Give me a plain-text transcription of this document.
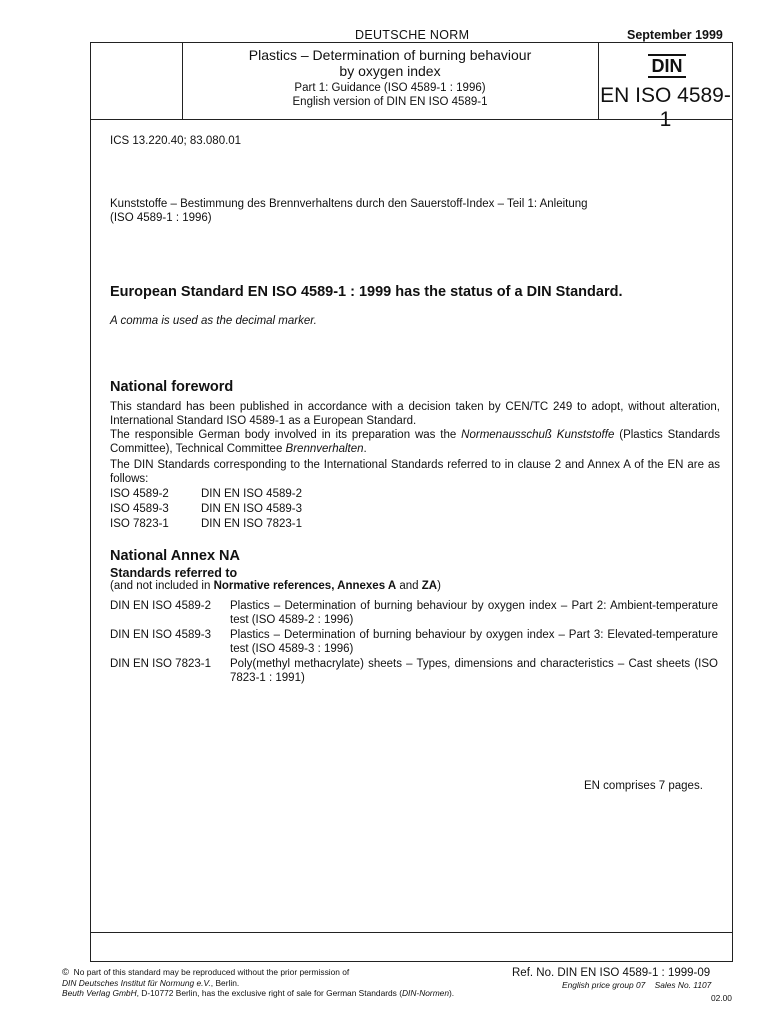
DEUTSCHE NORM	September 1999
Plastics – Determination of burning behaviour
by oxygen index
Part 1: Guidance (ISO 4589-1 : 1996)
English version of DIN EN ISO 4589-1
DIN
EN ISO 4589-1
ICS 13.220.40; 83.080.01
Kunststoffe – Bestimmung des Brennverhaltens durch den Sauerstoff-Index – Teil 1: Anleitung
(ISO 4589-1 : 1996)
European Standard EN ISO 4589-1 : 1999 has the status of a DIN Standard.
A comma is used as the decimal marker.
National foreword
This standard has been published in accordance with a decision taken by CEN/TC 249 to adopt, without alteration, International Standard ISO 4589-1 as a European Standard.
The responsible German body involved in its preparation was the Normenausschuß Kunststoffe (Plastics Standards Committee), Technical Committee Brennverhalten.
The DIN Standards corresponding to the International Standards referred to in clause 2 and Annex A of the EN are as follows:
ISO 4589-2	DIN EN ISO 4589-2
ISO 4589-3	DIN EN ISO 4589-3
ISO 7823-1	DIN EN ISO 7823-1
National Annex NA
Standards referred to
(and not included in Normative references, Annexes A and ZA)
DIN EN ISO 4589-2 Plastics – Determination of burning behaviour by oxygen index – Part 2: Ambient-temperature test (ISO 4589-2 : 1996)
DIN EN ISO 4589-3 Plastics – Determination of burning behaviour by oxygen index – Part 3: Elevated-temperature test (ISO 4589-3 : 1996)
DIN EN ISO 7823-1 Poly(methyl methacrylate) sheets – Types, dimensions and characteristics – Cast sheets (ISO 7823-1 : 1991)
EN comprises 7 pages.
© No part of this standard may be reproduced without the prior permission of
DIN Deutsches Institut für Normung e.V., Berlin.
Beuth Verlag GmbH, D-10772 Berlin, has the exclusive right of sale for German Standards (DIN-Normen).
Ref. No. DIN EN ISO 4589-1 : 1999-09
English price group 07 Sales No. 1107
02.00
